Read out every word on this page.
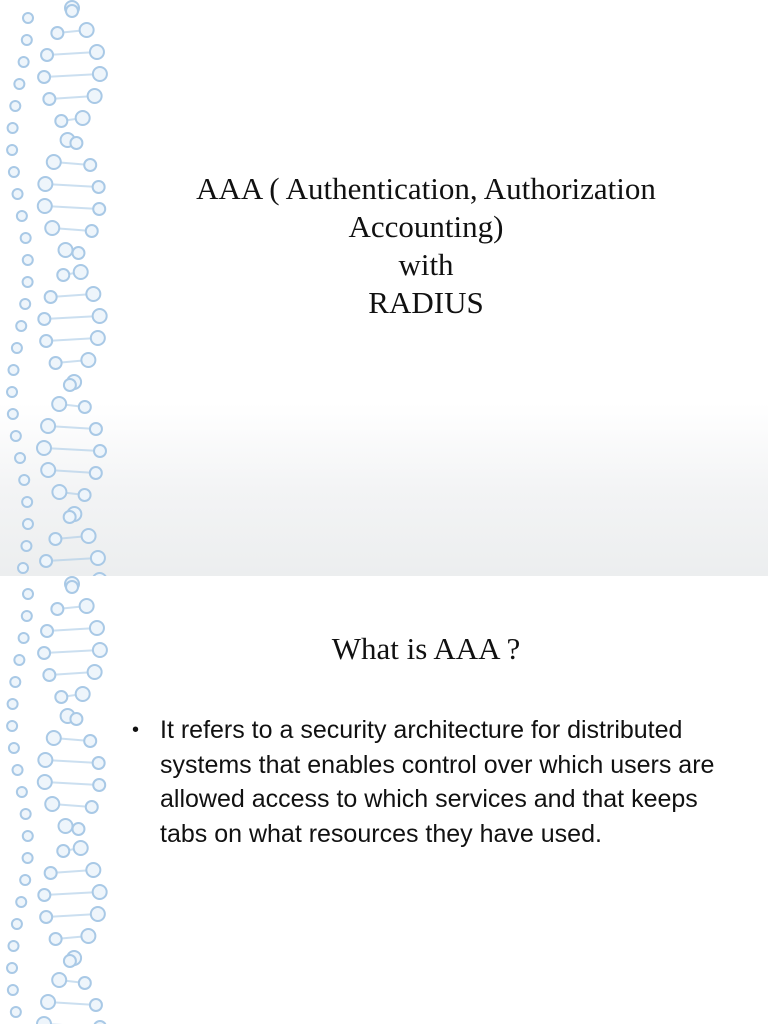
AAA ( Authentication, Authorization
Accounting)
with
RADIUS
What is AAA ?
• It refers to a security architecture for distributed systems that enables control over which users are allowed access to which services and that keeps tabs on what resources they have used.
